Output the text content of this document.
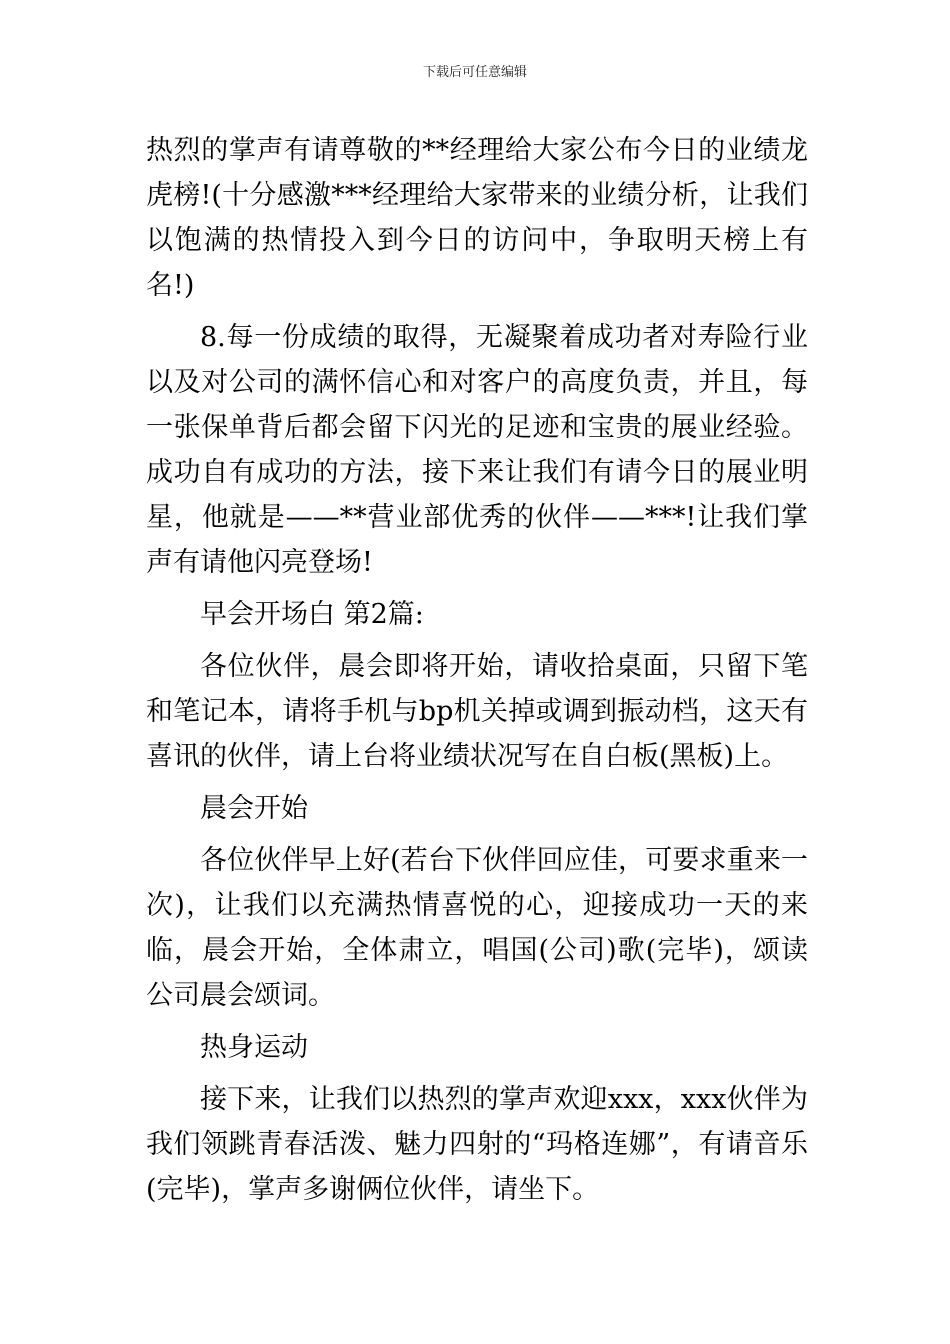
下载后可任意编辑

热烈的掌声有请尊敬的**经理给大家公布今日的业绩龙虎榜!(十分感激***经理给大家带来的业绩分析，让我们以饱满的热情投入到今日的访问中，争取明天榜上有名!)

8.每一份成绩的取得，无凝聚着成功者对寿险行业以及对公司的满怀信心和对客户的高度负责，并且，每一张保单背后都会留下闪光的足迹和宝贵的展业经验。成功自有成功的方法，接下来让我们有请今日的展业明星，他就是——**营业部优秀的伙伴——***!让我们掌声有请他闪亮登场!

早会开场白 第2篇:

各位伙伴，晨会即将开始，请收拾桌面，只留下笔和笔记本，请将手机与bp机关掉或调到振动档，这天有喜讯的伙伴，请上台将业绩状况写在自白板(黑板)上。

晨会开始

各位伙伴早上好(若台下伙伴回应佳，可要求重来一次)，让我们以充满热情喜悦的心，迎接成功一天的来临，晨会开始，全体肃立，唱国(公司)歌(完毕)，颂读公司晨会颂词。

热身运动

接下来，让我们以热烈的掌声欢迎xxx，xxx伙伴为我们领跳青春活泼、魅力四射的“玛格连娜”，有请音乐(完毕)，掌声多谢俩位伙伴，请坐下。
